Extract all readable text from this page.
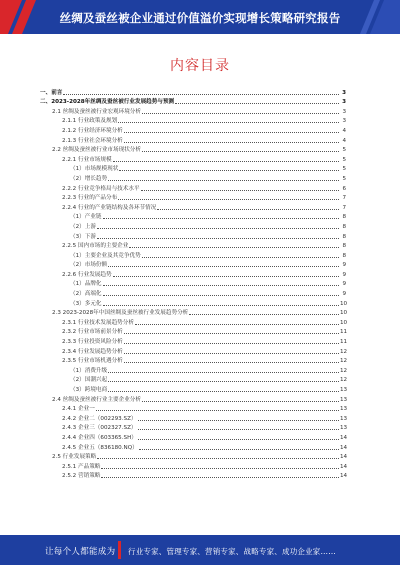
丝绸及蚕丝被企业通过价值溢价实现增长策略研究报告
内容目录
一、前言	3
二、2023-2028年丝绸及蚕丝被行业发展趋势与预测	3
2.1 丝绸及蚕丝被行业宏观环境分析	3
2.1.1 行业政策及规划	3
2.1.2 行业经济环境分析	4
2.1.3 行业社会环境分析	4
2.2 丝绸及蚕丝被行业市场现状分析	5
2.2.1 行业市场规模	5
（1）市场规模现状	5
（2）增长趋势	5
2.2.2 行业竞争格局与技术水平	6
2.2.3 行业的产品分布	7
2.2.4 行业的产业链结构及各环节情况	7
（1）产业链	8
（2）上游	8
（3）下游	8
2.2.5 国内市场的主要企业	8
（1）主要企业及其竞争优势	8
（2）市场份额	9
2.2.6 行业发展趋势	9
（1）品牌化	9
（2）高端化	9
（3）多元化	10
2.3 2023-2028年中国丝绸及蚕丝被行业发展趋势分析	10
2.3.1 行业技术发展趋势分析	10
2.3.2 行业市场前景分析	11
2.3.3 行业投资风险分析	11
2.3.4 行业发展趋势分析	12
2.3.5 行业市场机遇分析	12
（1）消费升级	12
（2）国潮兴起	12
（3）跨境电商	13
2.4 丝绸及蚕丝被行业主要企业分析	13
2.4.1 企业一	13
2.4.2 企业二（002293.SZ）	13
2.4.3 企业三（002327.SZ）	13
2.4.4 企业四（603365.SH）	14
2.4.5 企业五（836180.NQ）	14
2.5 行业发展策略	14
2.5.1 产品策略	14
2.5.2 营销策略	14
让每个人都能成为 行业专家、管理专家、营销专家、战略专家、成功企业家……
